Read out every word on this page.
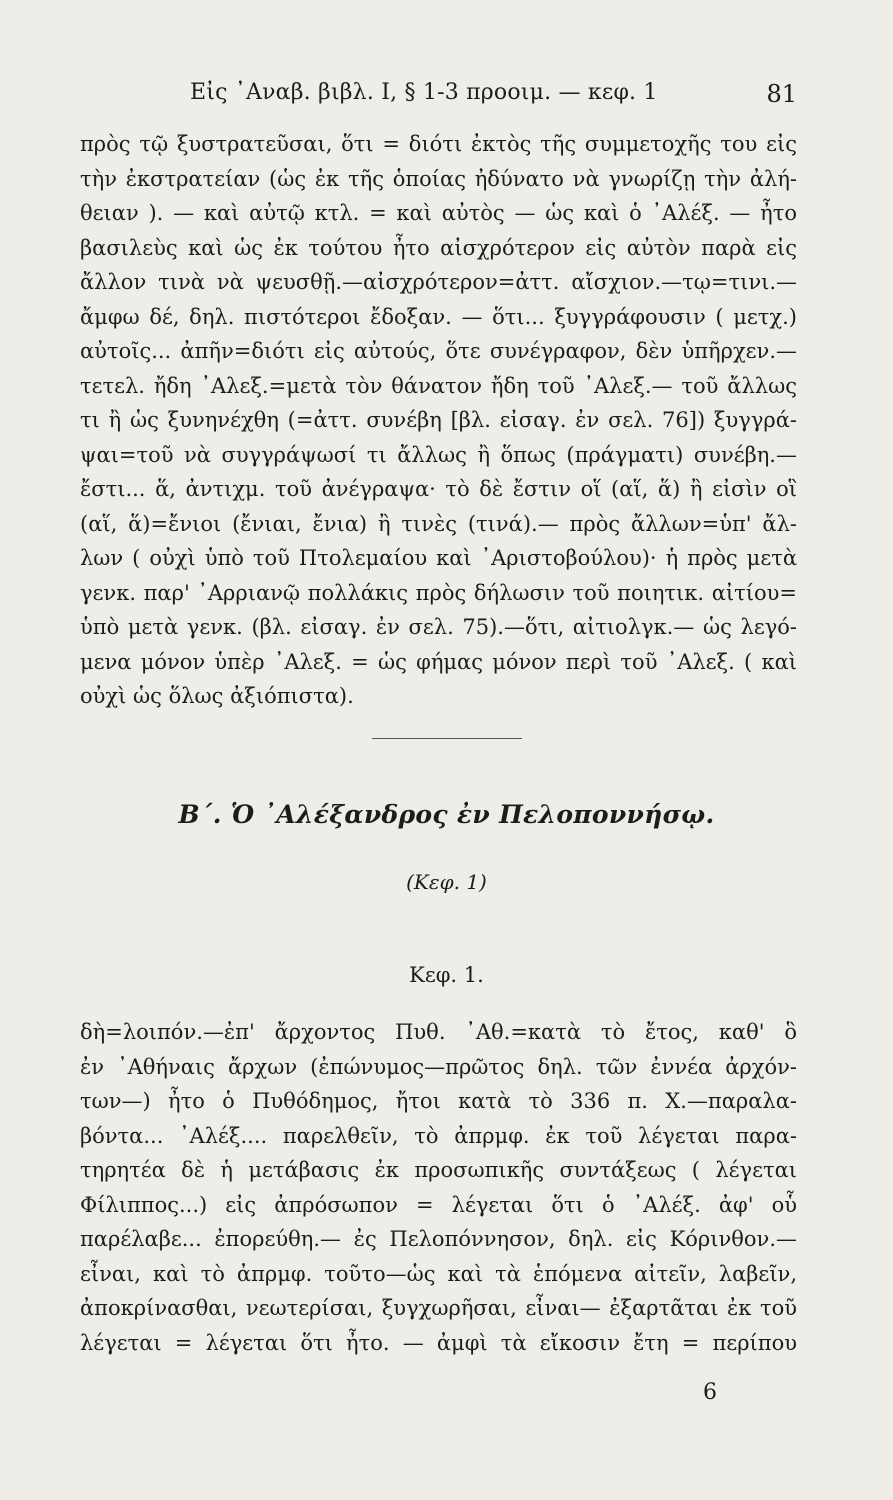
Εἰς ᾿Αναβ. βιβλ. I, § 1-3 προοιμ. — κεφ. 1	81
πρὸς τῷ ξυστρατεῦσαι, ὅτι = διότι ἐκτὸς τῆς συμμετοχῆς του εἰς
τὴν ἐκστρατείαν (ὡς ἐκ τῆς ὁποίας ἠδύνατο νὰ γνωρίζῃ τὴν ἀλή-
θειαν ). — καὶ αὐτῷ κτλ. = καὶ αὐτὸς — ὡς καὶ ὁ ᾿Αλέξ. — ἦτο
βασιλεὺς καὶ ὡς ἐκ τούτου ἦτο αἰσχρότερον εἰς αὐτὸν παρὰ εἰς
ἄλλον τινὰ νὰ ψευσθῇ.—αἰσχρότερον=ἀττ. αἴσχιον.—τῳ=τινι.—
ἄμφω δέ, δηλ. πιστότεροι ἔδοξαν. — ὅτι... ξυγγράφουσιν ( μετχ.)
αὐτοῖς... ἀπῆν=διότι εἰς αὐτούς, ὅτε συνέγραφον, δὲν ὑπῆρχεν.—
τετελ. ἤδη ᾿Αλεξ.=μετὰ τὸν θάνατον ἤδη τοῦ ᾿Αλεξ.— τοῦ ἄλλως
τι ἢ ὡς ξυνηνέχθη (=ἀττ. συνέβη [βλ. εἰσαγ. ἐν σελ. 76]) ξυγγρά-
ψαι=τοῦ νὰ συγγράψωσί τι ἄλλως ἢ ὅπως (πράγματι) συνέβη.—
ἔστι... ἅ, ἀντιχμ. τοῦ ἀνέγραψα· τὸ δὲ ἔστιν οἵ (αἵ, ἅ) ἢ εἰσὶν οἳ
(αἵ, ἅ)=ἔνιοι (ἔνιαι, ἔνια) ἢ τινὲς (τινά).— πρὸς ἄλλων=ὑπ' ἄλ-
λων ( οὐχὶ ὑπὸ τοῦ Πτολεμαίου καὶ ᾿Αριστοβούλου)· ἡ πρὸς μετὰ
γενκ. παρ' ᾿Αρριανῷ πολλάκις πρὸς δήλωσιν τοῦ ποιητικ. αἰτίου=
ὑπὸ μετὰ γενκ. (βλ. εἰσαγ. ἐν σελ. 75).—ὅτι, αἰτιολγκ.— ὡς λεγό-
μενα μόνον ὑπὲρ ᾿Αλεξ. = ὡς φήμας μόνον περὶ τοῦ ᾿Αλεξ. ( καὶ
οὐχὶ ὡς ὅλως ἀξιόπιστα).
Β΄. Ὁ ᾿Αλέξανδρος ἐν Πελοποννήσῳ.
(Κεφ. 1)
Κεφ. 1.
δὴ=λοιπόν.—ἐπ' ἄρχοντος Πυθ. ᾿Αθ.=κατὰ τὸ ἔτος, καθ' ὃ
ἐν ᾿Αθήναις ἄρχων (ἐπώνυμος—πρῶτος δηλ. τῶν ἐννέα ἀρχόν-
των—) ἦτο ὁ Πυθόδημος, ἤτοι κατὰ τὸ 336 π. Χ.—παραλα-
βόντα... ᾿Αλέξ.... παρελθεῖν, τὸ ἀπρμφ. ἐκ τοῦ λέγεται παρα-
τηρητέα δὲ ἡ μετάβασις ἐκ προσωπικῆς συντάξεως ( λέγεται
Φίλιππος...) εἰς ἀπρόσωπον = λέγεται ὅτι ὁ ᾿Αλέξ. ἀφ' οὗ
παρέλαβε... ἐπορεύθη.— ἐς Πελοπόννησον, δηλ. εἰς Κόρινθον.—
εἶναι, καὶ τὸ ἀπρμφ. τοῦτο—ὡς καὶ τὰ ἑπόμενα αἰτεῖν, λαβεῖν,
ἀποκρίνασθαι, νεωτερίσαι, ξυγχωρῆσαι, εἶναι— ἐξαρτᾶται ἐκ τοῦ
λέγεται = λέγεται ὅτι ἦτο. — ἀμφὶ τὰ εἴκοσιν ἔτη = περίπου
6
